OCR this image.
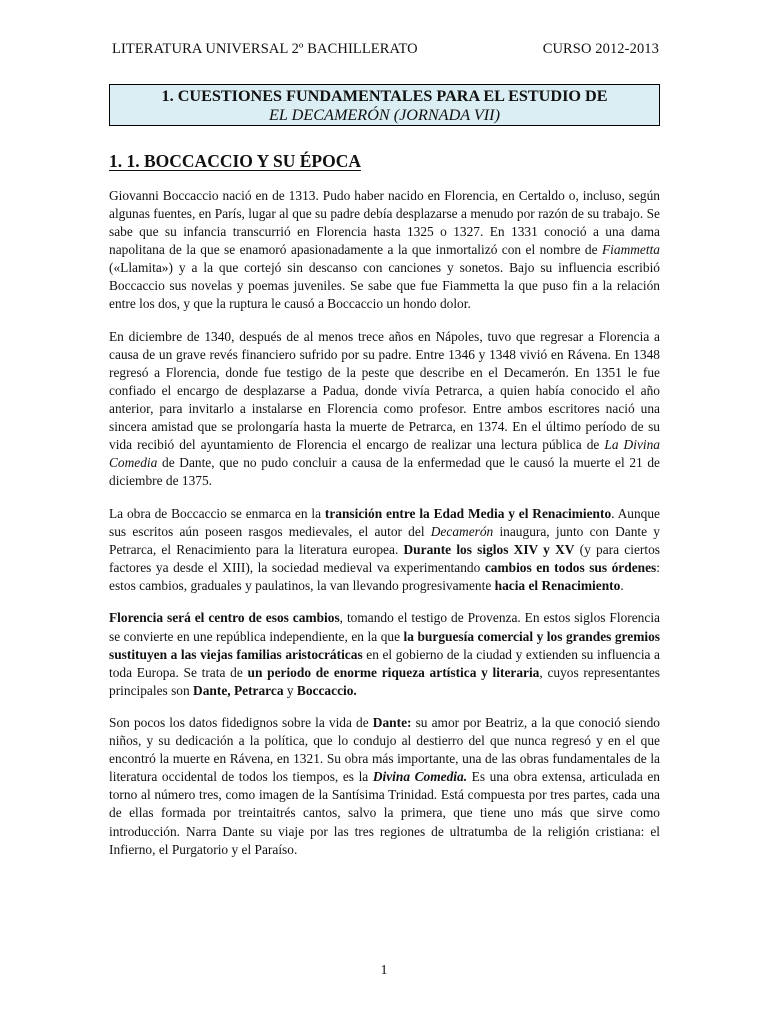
LITERATURA UNIVERSAL 2º BACHILLERATO	CURSO 2012-2013
1. CUESTIONES FUNDAMENTALES PARA EL ESTUDIO DE
EL DECAMERÓN (JORNADA VII)
1. 1. BOCCACCIO Y SU ÉPOCA

Giovanni Boccaccio nació en de 1313. Pudo haber nacido en Florencia, en Certaldo o, incluso, según algunas fuentes, en París, lugar al que su padre debía desplazarse a menudo por razón de su trabajo. Se sabe que su infancia transcurrió en Florencia hasta 1325 o 1327. En 1331 conoció a una dama napolitana de la que se enamoró apasionadamente a la que inmortalizó con el nombre de Fiammetta («Llamita») y a la que cortejó sin descanso con canciones y sonetos. Bajo su influencia escribió Boccaccio sus novelas y poemas juveniles. Se sabe que fue Fiammetta la que puso fin a la relación entre los dos, y que la ruptura le causó a Boccaccio un hondo dolor.

En diciembre de 1340, después de al menos trece años en Nápoles, tuvo que regresar a Florencia a causa de un grave revés financiero sufrido por su padre. Entre 1346 y 1348 vivió en Rávena. En 1348 regresó a Florencia, donde fue testigo de la peste que describe en el Decamerón. En 1351 le fue confiado el encargo de desplazarse a Padua, donde vivía Petrarca, a quien había conocido el año anterior, para invitarlo a instalarse en Florencia como profesor. Entre ambos escritores nació una sincera amistad que se prolongaría hasta la muerte de Petrarca, en 1374. En el último período de su vida recibió del ayuntamiento de Florencia el encargo de realizar una lectura pública de La Divina Comedia de Dante, que no pudo concluir a causa de la enfermedad que le causó la muerte el 21 de diciembre de 1375.

La obra de Boccaccio se enmarca en la transición entre la Edad Media y el Renacimiento. Aunque sus escritos aún poseen rasgos medievales, el autor del Decamerón inaugura, junto con Dante y Petrarca, el Renacimiento para la literatura europea. Durante los siglos XIV y XV (y para ciertos factores ya desde el XIII), la sociedad medieval va experimentando cambios en todos sus órdenes: estos cambios, graduales y paulatinos, la van llevando progresivamente hacia el Renacimiento.

Florencia será el centro de esos cambios, tomando el testigo de Provenza. En estos siglos Florencia se convierte en une república independiente, en la que la burguesía comercial y los grandes gremios sustituyen a las viejas familias aristocráticas en el gobierno de la ciudad y extienden su influencia a toda Europa. Se trata de un periodo de enorme riqueza artística y literaria, cuyos representantes principales son Dante, Petrarca y Boccaccio.

Son pocos los datos fidedignos sobre la vida de Dante: su amor por Beatriz, a la que conoció siendo niños, y su dedicación a la política, que lo condujo al destierro del que nunca regresó y en el que encontró la muerte en Rávena, en 1321. Su obra más importante, una de las obras fundamentales de la literatura occidental de todos los tiempos, es la Divina Comedia. Es una obra extensa, articulada en torno al número tres, como imagen de la Santísima Trinidad. Está compuesta por tres partes, cada una de ellas formada por treintaitrés cantos, salvo la primera, que tiene uno más que sirve como introducción. Narra Dante su viaje por las tres regiones de ultratumba de la religión cristiana: el Infierno, el Purgatorio y el Paraíso.

1
